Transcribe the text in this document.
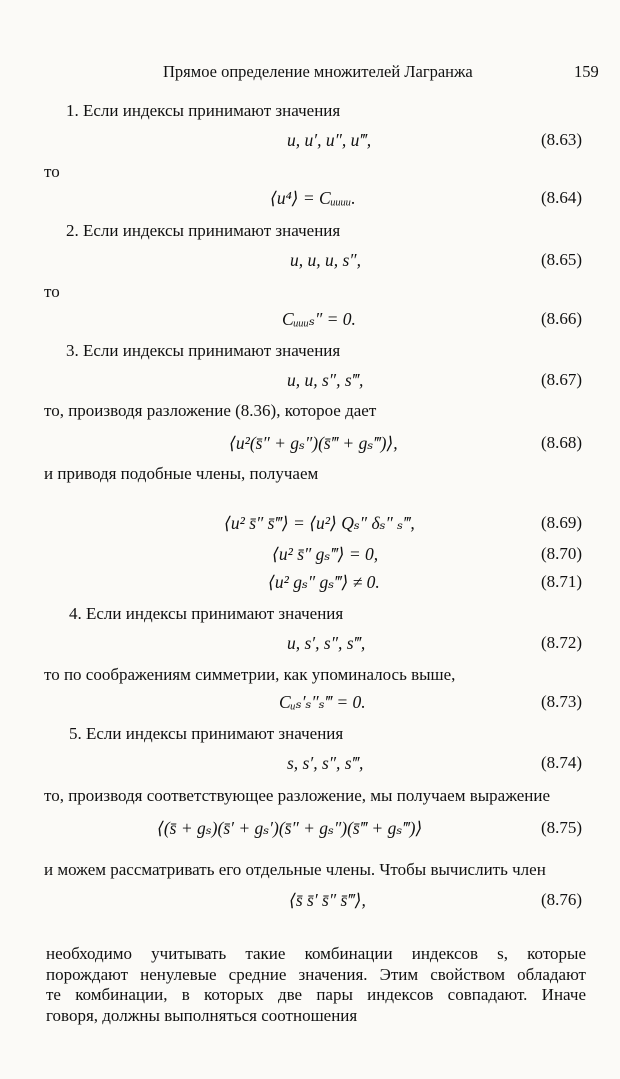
Прямое определение множителей Лагранжа	159
1. Если индексы принимают значения
u, u′, u″, u‴,	(8.63)
то
⟨u⁴⟩ = Cᵤᵤᵤᵤ.	(8.64)
2. Если индексы принимают значения
u, u, u, s″,	(8.65)
то
Cᵤᵤᵤₛ″ = 0.	(8.66)
3. Если индексы принимают значения
u, u, s″, s‴,	(8.67)
то, производя разложение (8.36), которое дает
⟨u²(s̄″ + gₛ″)(s̄‴ + gₛ‴)⟩,	(8.68)
и приводя подобные члены, получаем
⟨u² s̄″ s̄‴⟩ = ⟨u²⟩ Qₛ″ δₛ″ ₛ‴,	(8.69)
⟨u² s̄″ gₛ‴⟩ = 0,	(8.70)
⟨u² gₛ″ gₛ‴⟩ ≠ 0.	(8.71)
4. Если индексы принимают значения
u, s′, s″, s‴,	(8.72)
то по соображениям симметрии, как упоминалось выше,
Cᵤₛ′ₛ″ₛ‴ = 0.	(8.73)
5. Если индексы принимают значения
s, s′, s″, s‴,	(8.74)
то, производя соответствующее разложение, мы получаем выражение
⟨(s̄ + gₛ)(s̄′ + gₛ′)(s̄″ + gₛ″)(s̄‴ + gₛ‴)⟩	(8.75)
и можем рассматривать его отдельные члены. Чтобы вычислить член
⟨s̄ s̄′ s̄″ s̄‴⟩,	(8.76)
необходимо учитывать такие комбинации индексов s, которые
порождают ненулевые средние значения. Этим свойством обладают
те комбинации, в которых две пары индексов совпадают. Иначе
говоря, должны выполняться соотношения
